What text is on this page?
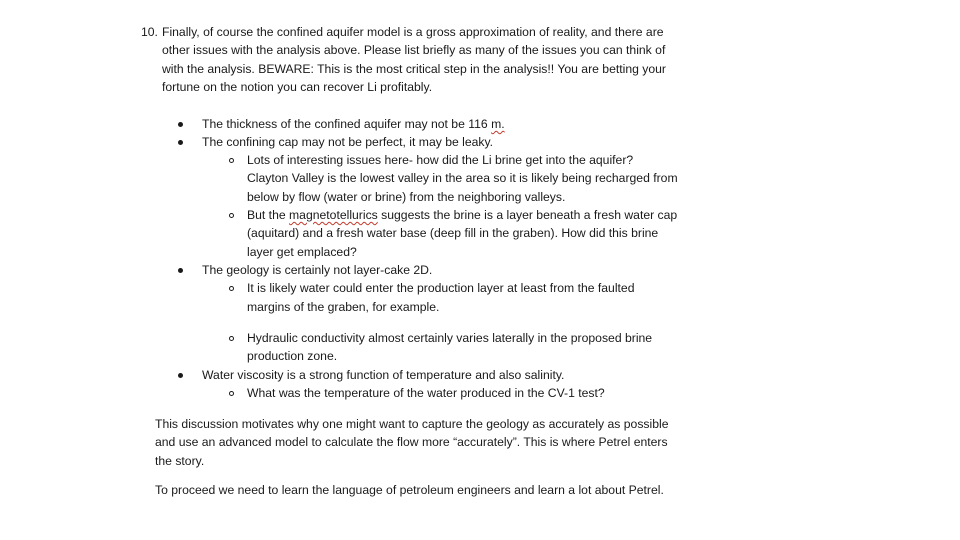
10. Finally, of course the confined aquifer model is a gross approximation of reality, and there are
other issues with the analysis above. Please list briefly as many of the issues you can think of
with the analysis. BEWARE: This is the most critical step in the analysis!! You are betting your
fortune on the notion you can recover Li profitably.
The thickness of the confined aquifer may not be 116 m.
The confining cap may not be perfect, it may be leaky.
Lots of interesting issues here- how did the Li brine get into the aquifer?
Clayton Valley is the lowest valley in the area so it is likely being recharged from
below by flow (water or brine) from the neighboring valleys.
But the magnetotellurics suggests the brine is a layer beneath a fresh water cap
(aquitard) and a fresh water base (deep fill in the graben). How did this brine
layer get emplaced?
The geology is certainly not layer-cake 2D.
It is likely water could enter the production layer at least from the faulted
margins of the graben, for example.
Hydraulic conductivity almost certainly varies laterally in the proposed brine
production zone.
Water viscosity is a strong function of temperature and also salinity.
What was the temperature of the water produced in the CV-1 test?
This discussion motivates why one might want to capture the geology as accurately as possible
and use an advanced model to calculate the flow more “accurately”. This is where Petrel enters
the story.
To proceed we need to learn the language of petroleum engineers and learn a lot about Petrel.
